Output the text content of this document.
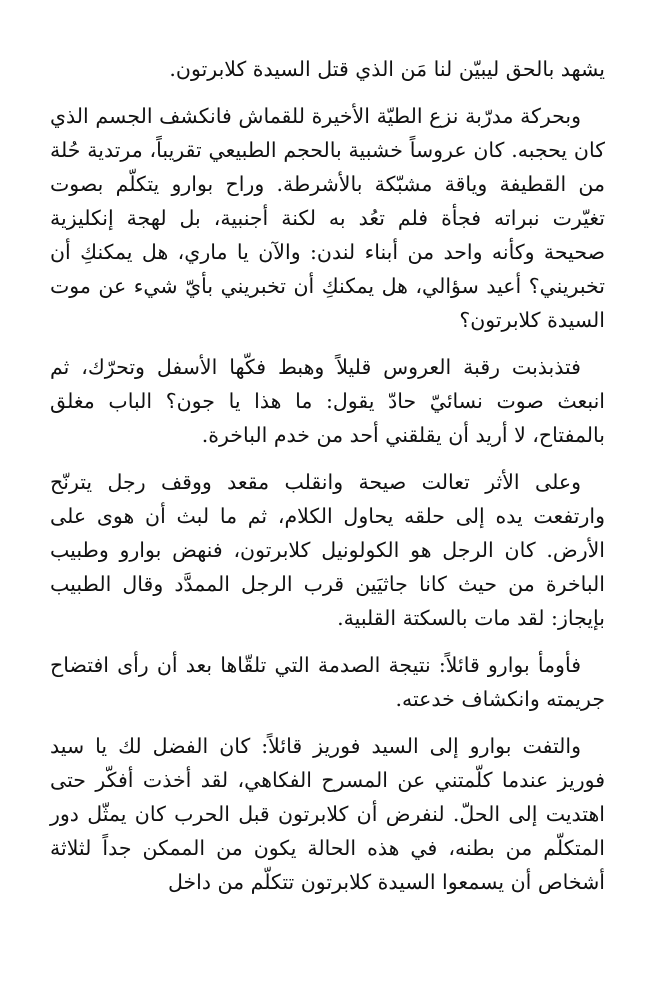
يشهد بالحق ليبيّن لنا مَن الذي قتل السيدة كلابرتون.

وبحركة مدرّبة نزع الطيّة الأخيرة للقماش فانكشف الجسم الذي كان يحجبه. كان عروساً خشبية بالحجم الطبيعي تقريباً، مرتدية حُلة من القطيفة وياقة مشبّكة بالأشرطة. وراح بوارو يتكلّم بصوت تغيّرت نبراته فجأة فلم تعُد به لكنة أجنبية، بل لهجة إنكليزية صحيحة وكأنه واحد من أبناء لندن: والآن يا ماري، هل يمكنكِ أن تخبريني؟ أعيد سؤالي، هل يمكنكِ أن تخبريني بأيّ شيء عن موت السيدة كلابرتون؟

فتذبذبت رقبة العروس قليلاً وهبط فكّها الأسفل وتحرّك، ثم انبعث صوت نسائيّ حادّ يقول: ما هذا يا جون؟ الباب مغلق بالمفتاح، لا أريد أن يقلقني أحد من خدم الباخرة.

وعلى الأثر تعالت صيحة وانقلب مقعد ووقف رجل يترنّح وارتفعت يده إلى حلقه يحاول الكلام، ثم ما لبث أن هوى على الأرض. كان الرجل هو الكولونيل كلابرتون، فنهض بوارو وطبيب الباخرة من حيث كانا جاثيَين قرب الرجل الممدَّد وقال الطبيب بإيجاز: لقد مات بالسكتة القلبية.

فأومأ بوارو قائلاً: نتيجة الصدمة التي تلقّاها بعد أن رأى افتضاح جريمته وانكشاف خدعته.

والتفت بوارو إلى السيد فوريز قائلاً: كان الفضل لك يا سيد فوريز عندما كلّمتني عن المسرح الفكاهي، لقد أخذت أفكّر حتى اهتديت إلى الحلّ. لنفرض أن كلابرتون قبل الحرب كان يمثّل دور المتكلّم من بطنه، في هذه الحالة يكون من الممكن جداً لثلاثة أشخاص أن يسمعوا السيدة كلابرتون تتكلّم من داخل
